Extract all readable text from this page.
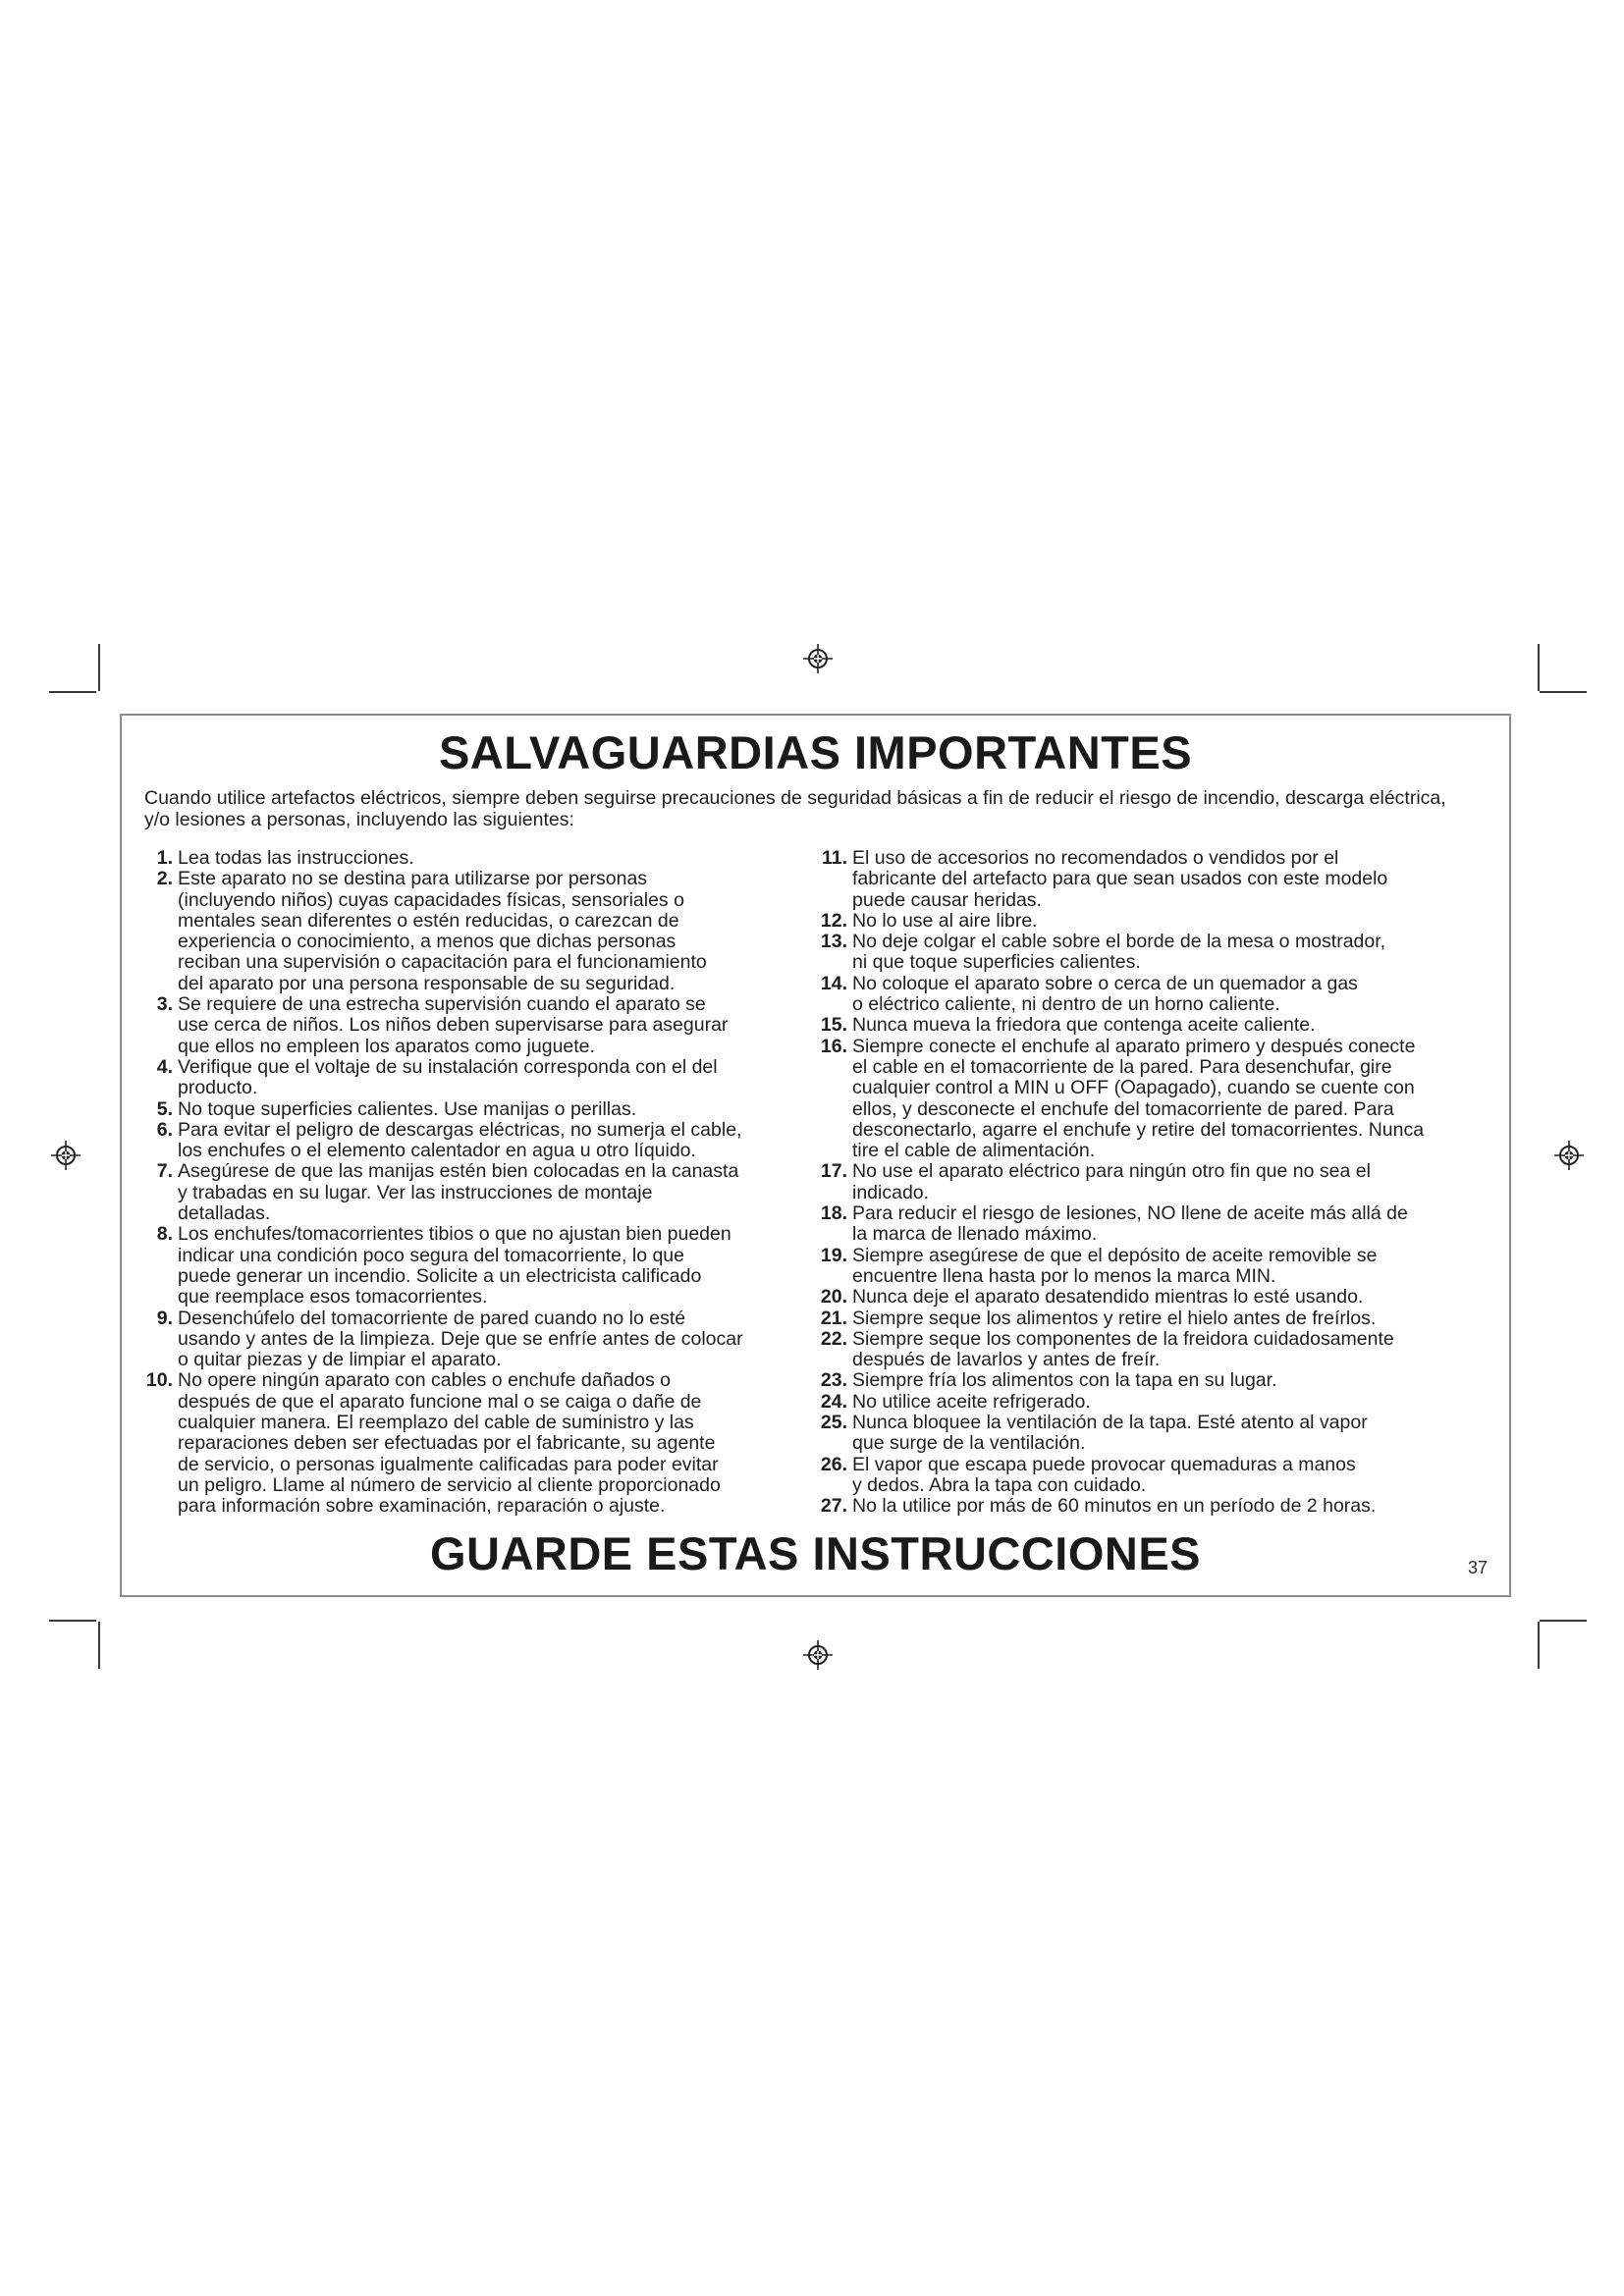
SALVAGUARDIAS IMPORTANTES

Cuando utilice artefactos eléctricos, siempre deben seguirse precauciones de seguridad básicas a fin de reducir el riesgo de incendio, descarga eléctrica, y/o lesiones a personas, incluyendo las siguientes:

1. Lea todas las instrucciones.
2. Este aparato no se destina para utilizarse por personas
(incluyendo niños) cuyas capacidades físicas, sensoriales o
mentales sean diferentes o estén reducidas, o carezcan de
experiencia o conocimiento, a menos que dichas personas
reciban una supervisión o capacitación para el funcionamiento
del aparato por una persona responsable de su seguridad.
3. Se requiere de una estrecha supervisión cuando el aparato se
use cerca de niños. Los niños deben supervisarse para asegurar
que ellos no empleen los aparatos como juguete.
4. Verifique que el voltaje de su instalación corresponda con el del
producto.
5. No toque superficies calientes. Use manijas o perillas.
6. Para evitar el peligro de descargas eléctricas, no sumerja el cable,
los enchufes o el elemento calentador en agua u otro líquido.
7. Asegúrese de que las manijas estén bien colocadas en la canasta
y trabadas en su lugar. Ver las instrucciones de montaje
detalladas.
8. Los enchufes/tomacorrientes tibios o que no ajustan bien pueden
indicar una condición poco segura del tomacorriente, lo que
puede generar un incendio. Solicite a un electricista calificado
que reemplace esos tomacorrientes.
9. Desenchúfelo del tomacorriente de pared cuando no lo esté
usando y antes de la limpieza. Deje que se enfríe antes de colocar
o quitar piezas y de limpiar el aparato.
10. No opere ningún aparato con cables o enchufe dañados o
después de que el aparato funcione mal o se caiga o dañe de
cualquier manera. El reemplazo del cable de suministro y las
reparaciones deben ser efectuadas por el fabricante, su agente
de servicio, o personas igualmente calificadas para poder evitar
un peligro. Llame al número de servicio al cliente proporcionado
para información sobre examinación, reparación o ajuste.
11. El uso de accesorios no recomendados o vendidos por el
fabricante del artefacto para que sean usados con este modelo
puede causar heridas.
12. No lo use al aire libre.
13. No deje colgar el cable sobre el borde de la mesa o mostrador,
ni que toque superficies calientes.
14. No coloque el aparato sobre o cerca de un quemador a gas
o eléctrico caliente, ni dentro de un horno caliente.
15. Nunca mueva la friedora que contenga aceite caliente.
16. Siempre conecte el enchufe al aparato primero y después conecte
el cable en el tomacorriente de la pared. Para desenchufar, gire
cualquier control a MIN u OFF (⭘apagado), cuando se cuente con
ellos, y desconecte el enchufe del tomacorriente de pared. Para
desconectarlo, agarre el enchufe y retire del tomacorrientes. Nunca
tire el cable de alimentación.
17. No use el aparato eléctrico para ningún otro fin que no sea el
indicado.
18. Para reducir el riesgo de lesiones, NO llene de aceite más allá de
la marca de llenado máximo.
19. Siempre asegúrese de que el depósito de aceite removible se
encuentre llena hasta por lo menos la marca MIN.
20. Nunca deje el aparato desatendido mientras lo esté usando.
21. Siempre seque los alimentos y retire el hielo antes de freírlos.
22. Siempre seque los componentes de la freidora cuidadosamente
después de lavarlos y antes de freír.
23. Siempre fría los alimentos con la tapa en su lugar.
24. No utilice aceite refrigerado.
25. Nunca bloquee la ventilación de la tapa. Esté atento al vapor
que surge de la ventilación.
26. El vapor que escapa puede provocar quemaduras a manos
y dedos. Abra la tapa con cuidado.
27. No la utilice por más de 60 minutos en un período de 2 horas.
GUARDE ESTAS INSTRUCCIONES	37
